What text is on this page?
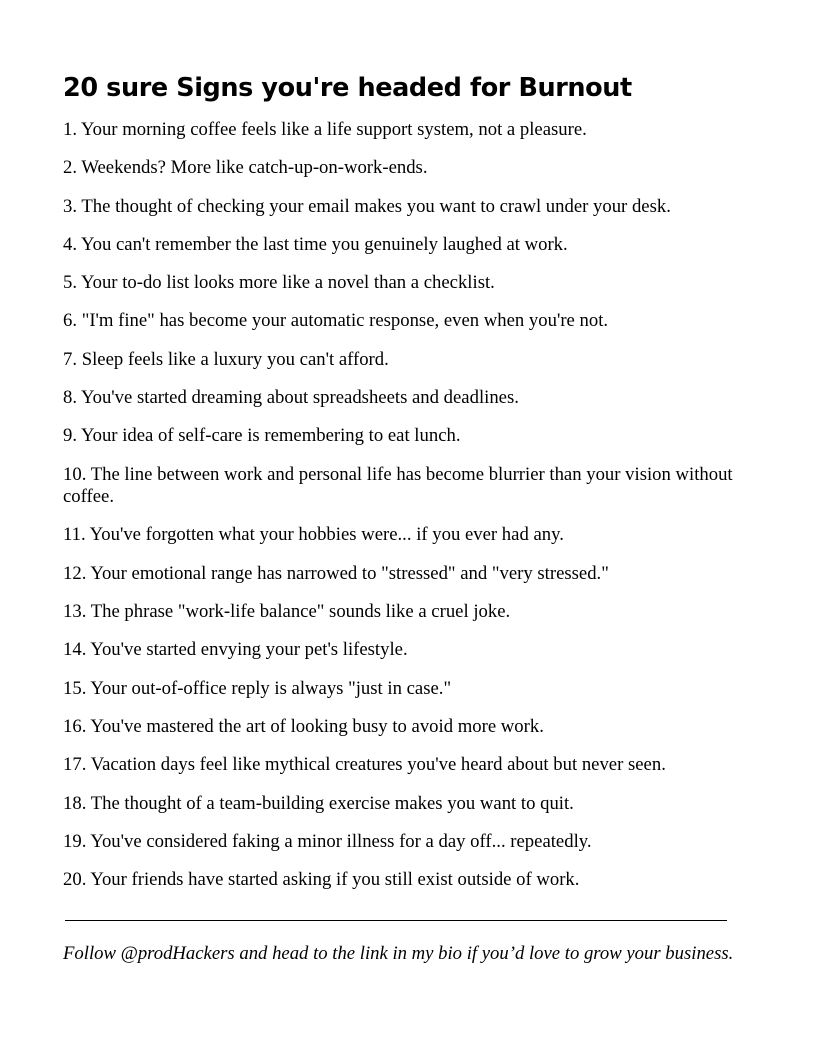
20 sure Signs you're headed for Burnout
1. Your morning coffee feels like a life support system, not a pleasure.
2. Weekends? More like catch-up-on-work-ends.
3. The thought of checking your email makes you want to crawl under your desk.
4. You can't remember the last time you genuinely laughed at work.
5. Your to-do list looks more like a novel than a checklist.
6. "I'm fine" has become your automatic response, even when you're not.
7. Sleep feels like a luxury you can't afford.
8. You've started dreaming about spreadsheets and deadlines.
9. Your idea of self-care is remembering to eat lunch.
10. The line between work and personal life has become blurrier than your vision without coffee.
11. You've forgotten what your hobbies were... if you ever had any.
12. Your emotional range has narrowed to "stressed" and "very stressed."
13. The phrase "work-life balance" sounds like a cruel joke.
14. You've started envying your pet's lifestyle.
15. Your out-of-office reply is always "just in case."
16. You've mastered the art of looking busy to avoid more work.
17. Vacation days feel like mythical creatures you've heard about but never seen.
18. The thought of a team-building exercise makes you want to quit.
19. You've considered faking a minor illness for a day off... repeatedly.
20. Your friends have started asking if you still exist outside of work.

Follow @prodHackers and head to the link in my bio if you’d love to grow your business.
